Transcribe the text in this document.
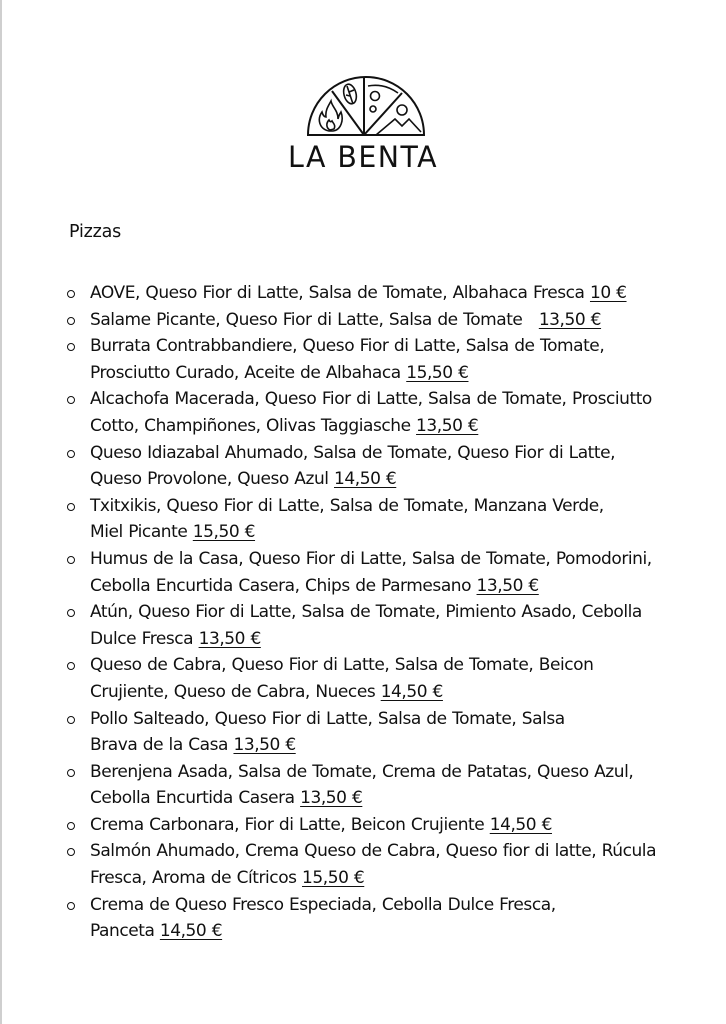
LA BENTA
Pizzas
AOVE, Queso Fior di Latte, Salsa de Tomate, Albahaca Fresca 10 €
Salame Picante, Queso Fior di Latte, Salsa de Tomate   13,50 €
Burrata Contrabbandiere, Queso Fior di Latte, Salsa de Tomate,
Prosciutto Curado, Aceite de Albahaca 15,50 €
Alcachofa Macerada, Queso Fior di Latte, Salsa de Tomate, Prosciutto
Cotto, Champiñones, Olivas Taggiasche 13,50 €
Queso Idiazabal Ahumado, Salsa de Tomate, Queso Fior di Latte,
Queso Provolone, Queso Azul 14,50 €
Txitxikis, Queso Fior di Latte, Salsa de Tomate, Manzana Verde,
Miel Picante 15,50 €
Humus de la Casa, Queso Fior di Latte, Salsa de Tomate, Pomodorini,
Cebolla Encurtida Casera, Chips de Parmesano 13,50 €
Atún, Queso Fior di Latte, Salsa de Tomate, Pimiento Asado, Cebolla
Dulce Fresca 13,50 €
Queso de Cabra, Queso Fior di Latte, Salsa de Tomate, Beicon
Crujiente, Queso de Cabra, Nueces 14,50 €
Pollo Salteado, Queso Fior di Latte, Salsa de Tomate, Salsa
Brava de la Casa 13,50 €
Berenjena Asada, Salsa de Tomate, Crema de Patatas, Queso Azul,
Cebolla Encurtida Casera 13,50 €
Crema Carbonara, Fior di Latte, Beicon Crujiente 14,50 €
Salmón Ahumado, Crema Queso de Cabra, Queso fior di latte, Rúcula
Fresca, Aroma de Cítricos 15,50 €
Crema de Queso Fresco Especiada, Cebolla Dulce Fresca,
Panceta 14,50 €
